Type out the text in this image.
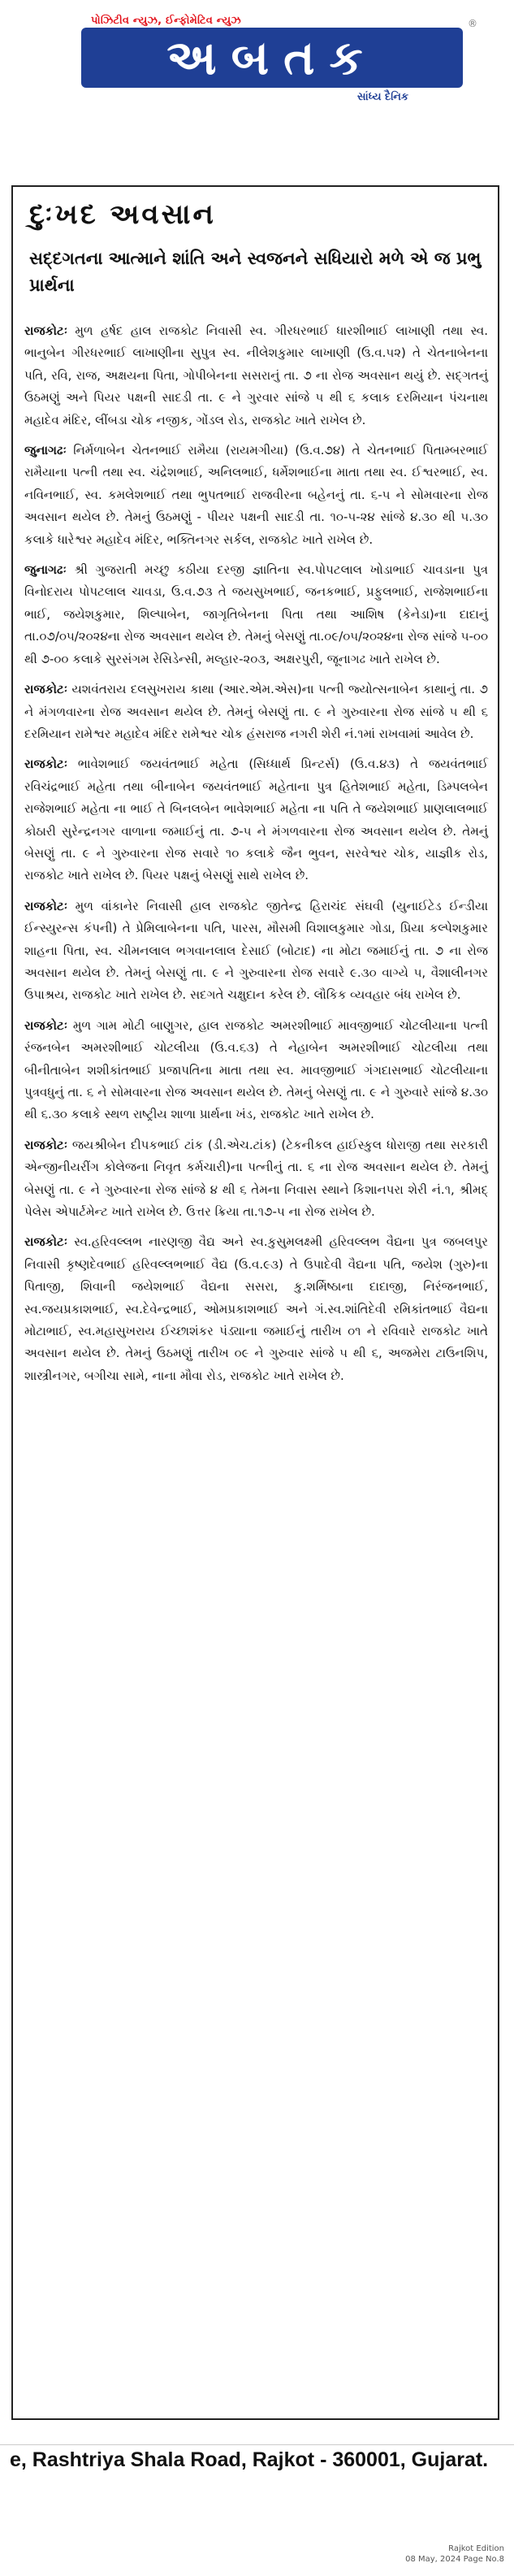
પોઝિટીવ ન્યુઝ, ઈન્ફોમેટિવ ન્યુઝ	®
અબતક
સાંધ્ય દૈનિક
દુઃખદ અવસાન
સદ્દગતના આત્માને શાંતિ અને સ્વજનને સધિયારો મળે એ જ પ્રભુ પ્રાર્થના
રાજકોટઃ મુળ હર્ષદ હાલ રાજકોટ નિવાસી સ્વ. ગીરધરભાઈ ધારશીભાઈ લાખાણી તથા સ્વ. ભાનુબેન ગીરધરભાઈ લાખાણીના સુપુત્ર સ્વ. નીલેશકુમાર લાખાણી (ઉ.વ.૫૨) તે ચેતનાબેનના પતિ, રવિ, રાજ, અક્ષયના પિતા, ગોપીબેનના સસરાનું તા. ૭ ના રોજ અવસાન થયું છે. સદ્ગતનું ઉઠમણું અને પિયર પક્ષની સાદડી તા. ૯ ને ગુરવાર સાંજે ૫ થી ૬ કલાક દરમિયાન પંચનાથ મહાદેવ મંદિર, લીંબડા ચોક નજીક, ગોંડલ રોડ, રાજકોટ ખાતે રાખેલ છે.
જુનાગઢઃ નિર્મળાબેન ચેતનભાઈ રામૈયા (રાયમગીયા) (ઉ.વ.૭૪) તે ચેતનભાઈ પિતામ્બરભાઈ રામૈયાના પત્ની તથા સ્વ. ચંદ્રેશભાઈ, અનિલભાઈ, ધર્મેશભાઈના માતા તથા સ્વ. ઈશ્વરભાઈ, સ્વ. નવિનભાઈ, સ્વ. કમલેશભાઈ તથા ભુપતભાઈ રાજવીરના બહેનનું તા. ૬-૫ ને સોમવારના રોજ અવસાન થયેલ છે. તેમનું ઉઠમણું - પીયર પક્ષની સાદડી તા. ૧૦-૫-૨૪ સાંજે ૪.૩૦ થી ૫.૩૦ કલાકે ધારેશ્વર મહાદેવ મંદિર, ભક્તિનગર સર્કલ, રાજકોટ ખાતે રાખેલ છે.
જુનાગઢઃ શ્રી ગુજરાતી મચ્છુ કઠીયા દરજી જ્ઞાતિના સ્વ.પોપટલાલ ખોડાભાઈ ચાવડાના પુત્ર વિનોદરાય પોપટલાલ ચાવડા, ઉ.વ.૭૩ તે જયસુખભાઈ, જનકભાઈ, પ્રફુલભાઈ, રાજેશભાઈના ભાઈ, જયેશકુમાર, શિલ્પાબેન, જાગૃતિબેનના પિતા તથા આશિષ (કેનેડા)ના દાદાનું તા.૦૭/૦૫/૨૦૨૪ના રોજ અવસાન થયેલ છે. તેમનું બેસણું તા.૦૯/૦૫/૨૦૨૪ના રોજ સાંજે ૫-૦૦ થી ૭-૦૦ કલાકે સુરસંગમ રેસિડેન્સી, મલ્હાર-૨૦૩, અક્ષરપુરી, જૂનાગઢ ખાતે રાખેલ છે.
રાજકોટઃ યશવંતરાય દલસુખરાય કાથા (આર.એમ.એસ)ના પત્ની જ્યોત્સનાબેન કાથાનું તા. ૭ ને મંગળવારના રોજ અવસાન થયેલ છે. તેમનું બેસણું તા. ૯ ને ગુરુવારના રોજ સાંજે ૫ થી ૬ દરમિયાન રામેશ્વર મહાદેવ મંદિર રામેશ્વર ચોક હંસરાજ નગરી શેરી નં.૧માં રાખવામાં આવેલ છે.
રાજકોટઃ ભાવેશભાઈ જયવંતભાઈ મહેતા (સિધ્ધાર્થ પ્રિન્ટર્સ) (ઉ.વ.૪૩) તે જયવંતભાઈ રવિચંદ્રભાઈ મહેતા તથા બીનાબેન જયવંતભાઈ મહેતાના પુત્ર હિતેશભાઈ મહેતા, ડિમ્પલબેન રાજેશભાઈ મહેતા ના ભાઈ તે બિનલબેન ભાવેશભાઈ મહેતા ના પતિ તે જયેશભાઈ પ્રાણલાલભાઈ કોઠારી સુરેન્દ્રનગર વાળાના જમાઈનું તા. ૭-૫ ને મંગળવારના રોજ અવસાન થયેલ છે. તેમનું બેસણું તા. ૯ ને ગુરુવારના રોજ સવારે ૧૦ કલાકે જૈન ભુવન, સરવેશ્વર ચોક, યાજ્ઞીક રોડ, રાજકોટ ખાતે રાખેલ છે. પિયર પક્ષનું બેસણું સાથે રાખેલ છે.
રાજકોટઃ મુળ વાંકાનેર નિવાસી હાલ રાજકોટ જીતેન્દ્ર હિરાચંદ સંઘવી (યુનાઈટેડ ઈન્ડીયા ઈન્સ્યુરન્સ કંપની) તે પ્રેમિલાબેનના પતિ, પારસ, મૌસમી વિશાલકુમાર ગોડા, પ્રિયા કલ્પેશકુમાર શાહના પિતા, સ્વ. ચીમનલાલ ભગવાનલાલ દેસાઈ (બોટાદ) ના મોટા જમાઈનું તા. ૭ ના રોજ અવસાન થયેલ છે. તેમનું બેસણું તા. ૯ ને ગુરુવારના રોજ સવારે ૯.૩૦ વાગ્યે ૫, વૈશાલીનગર ઉપાશ્રય, રાજકોટ ખાતે રાખેલ છે. સદગતે ચક્ષુદાન કરેલ છે. લૌકિક વ્યવહાર બંધ રાખેલ છે.
રાજકોટઃ મુળ ગામ મોટી બાણુગર, હાલ રાજકોટ અમરશીભાઈ માવજીભાઈ ચોટલીયાના પત્ની રંજનબેન અમરશીભાઈ ચોટલીયા (ઉ.વ.૬૩) તે નેહાબેન અમરશીભાઈ ચોટલીયા તથા બીનીતાબેન શશીકાંતભાઈ પ્રજાપતિના માતા તથા સ્વ. માવજીભાઈ ગંગદાસભાઈ ચોટલીયાના પુત્રવધુનું તા. ૬ ને સોમવારના રોજ અવસાન થયેલ છે. તેમનું બેસણું તા. ૯ ને ગુરુવારે સાંજે ૪.૩૦ થી ૬.૩૦ કલાકે સ્થળ રાષ્ટ્રીય શાળા પ્રાર્થના ખંડ, રાજકોટ ખાતે રાખેલ છે.
રાજકોટઃ જયશ્રીબેન દીપકભાઈ ટાંક (ડી.એચ.ટાંક) (ટેકનીકલ હાઈસ્કુલ ધોરાજી તથા સરકારી એન્જીનીયરીંગ કોલેજના નિવૃત કર્મચારી)ના પત્નીનું તા. ૬ ના રોજ અવસાન થયેલ છે. તેમનું બેસણું તા. ૯ ને ગુરુવારના રોજ સાંજે ૪ થી ૬ તેમના નિવાસ સ્થાને કિશાનપરા શેરી નં.૧, શ્રીમદ્ પેલેસ એપાર્ટમેન્ટ ખાતે રાખેલ છે. ઉત્તર ક્રિયા તા.૧૭-૫ ના રોજ રાખેલ છે.
રાજકોટઃ સ્વ.હરિવલ્લભ નારણજી વૈદ્ય અને સ્વ.કુસુમલક્ષ્મી હરિવલ્લભ વૈદ્યના પુત્ર જબલપુર નિવાસી કૃષ્ણદેવભાઈ હરિવલ્લભભાઈ વૈદ્ય (ઉ.વ.૯૩) તે ઉપાદેવી વૈદ્યના પતિ, જયેશ (ગુરુ)ના પિતાજી, શિવાની જયેશભાઈ વૈદ્યના સસરા, કુ.શર્મિષ્ઠાના દાદાજી, નિરંજનભાઈ, સ્વ.જયપ્રકાશભાઈ, સ્વ.દેવેન્દ્રભાઈ, ઓમપ્રકાશભાઈ અને ગં.સ્વ.શાંતિદેવી રમિકાંતભાઈ વૈદ્યના મોટાભાઈ, સ્વ.મહાસુખરાય ઈચ્છાશંકર પંડ્યાના જમાઈનું તારીખ ૦૧ ને રવિવારે રાજકોટ ખાતે અવસાન થયેલ છે. તેમનું ઉઠમણું તારીખ ૦૯ ને ગુરુવાર સાંજે ૫ થી ૬, અજમેરા ટાઉનશિપ, શાસ્ત્રીનગર, બગીચા સામે, નાના મૌવા રોડ, રાજકોટ ખાતે રાખેલ છે.
e, Rashtriya Shala Road, Rajkot - 360001, Gujarat.
Rajkot Edition
08 May, 2024 Page No.8
